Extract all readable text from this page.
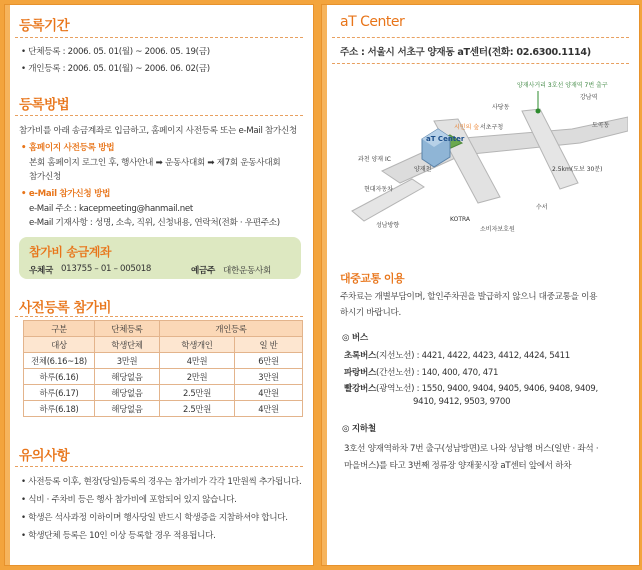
등록기간
• 단체등록 : 2006. 05. 01(월) ~ 2006. 05. 19(금)
• 개인등록 : 2006. 05. 01(월) ~ 2006. 06. 02(금)
등록방법
참가비를 아래 송금계좌로 입금하고, 홈페이지 사전등록 또는 e-Mail 참가신청
• 홈페이지 사전등록 방법
본회 홈페이지 로그인 후, 행사안내 ➡ 운동사대회 ➡ 제7회 운동사대회
참가신청
• e-Mail 참가신청 방법
e-Mail 주소 : kacepmeeting@hanmail.net
e-Mail 기재사항 : 성명, 소속, 직위, 신청내용, 연락처(전화 · 우편주소)
참가비 송금계좌
우체국 013755 – 01 – 005018	예금주 대한운동사회
사전등록 참가비
구분	단체등록	개인등록	
대상	학생단체	학생개인	일 반
전체(6.16~18)	3만원	4만원	6만원
하루(6.16)	해당없음	2만원	3만원
하루(6.17)	해당없음	2.5만원	4만원
하루(6.18)	해당없음	2.5만원	4만원
유의사항
• 사전등록 이후, 현장(당일)등록의 경우는 참가비가 각각 1만원씩 추가됩니다.
• 식비 · 주차비 등은 행사 참가비에 포함되어 있지 않습니다.
• 학생은 석사과정 이하이며 행사당일 반드시 학생증을 지참하셔야 합니다.
• 학생단체 등록은 10인 이상 등록할 경우 적용됩니다.
aT Center
주소 : 서울시 서초구 양재동 aT센터(전화: 02.6300.1114)
aT Center
양재사거리 3호선 양재역 7번 출구
사당동
강남역
서초구청
시민의 숲	도곡동
과천 양재 IC
양재천
현대자동차
성남방향
KOTRA
소비자보호원
수서
2.5km(도보 30분)
대중교통 이용
주차료는 개별부담이며, 할인주차권을 발급하지 않으니 대중교통을 이용
하시기 바랍니다.
◎ 버스
초록버스(지선노선) : 4421, 4422, 4423, 4412, 4424, 5411
파랑버스(간선노선) : 140, 400, 470, 471
빨강버스(광역노선) : 1550, 9400, 9404, 9405, 9406, 9408, 9409,
9410, 9412, 9503, 9700
◎ 지하철
3호선 양재역하차 7번 출구(성남방면)로 나와 성남행 버스(일반 · 좌석 ·
마을버스)를 타고 3번째 정류장 양재꽃시장 aT센터 앞에서 하차
